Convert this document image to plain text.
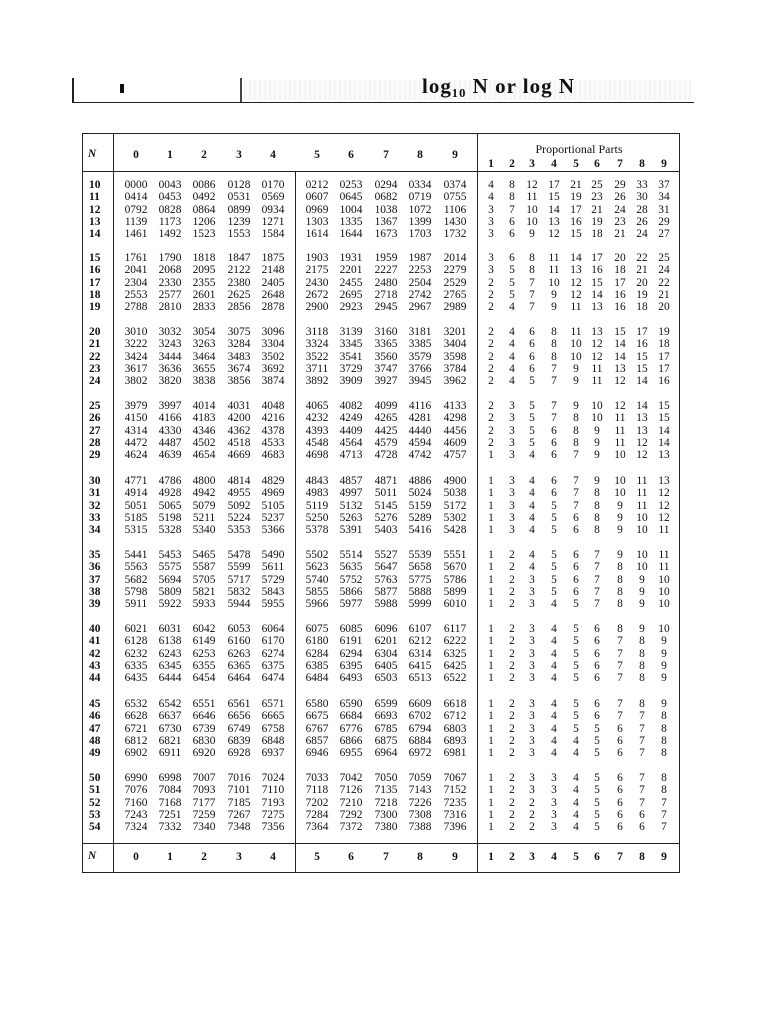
log₁₀ N or log N
N	0	1	2	3	4	5	6	7	8	9	Proportional Parts
1	2	3	4	5	6	7	8	9
10	0000 0043 0086	0128 0170	0212 0253	0294 0334	0374	4	8	12 17 21 25	29 33 37
11	0414 0453 0492	0531 0569	0607 0645	0682 0719	0755	4	8	11 15 19 23	26 30 34
12	0792 0828 0864	0899 0934	0969 1004	1038 1072	1106	3	7	10 14 17 21	24 28 31
13	1139	1173	1206	1239 1271	1303 1335	1367 1399	1430	3	6	10 13 16 19	23 26 29
14	1461 1492 1523	1553 1584	1614 1644	1673 1703	1732	3	6	9	12 15 18	21 24 27
15	1761 1790 1818	1847 1875	1903 1931	1959 1987	2014	3	6	8	11 14 17	20 22 25
16	2041 2068 2095	2122 2148	2175 2201	2227 2253	2279	3	5	8	11 13 16	18 21 24
17	2304 2330 2355	2380 2405	2430 2455	2480 2504	2529	2	5	7	10 12 15	17 20 22
18	2553 2577 2601	2625 2648	2672 2695	2718 2742	2765	2	5	7	9	12 14	16 19 21
19	2788 2810 2833	2856 2878	2900 2923	2945 2967	2989	2	4	7	9	11 13	16 18 20
20	3010 3032 3054	3075 3096	3118	3139	3160 3181	3201	2	4	6	8	11 13	15 17 19
21	3222 3243 3263	3284 3304	3324 3345	3365 3385	3404	2	4	6	8	10 12	14 16 18
22	3424 3444 3464	3483 3502	3522 3541	3560 3579	3598	2	4	6	8	10 12	14 15 17
23	3617 3636 3655	3674 3692	3711	3729	3747 3766	3784	2	4	6	7	9	11	13 15 17
24	3802 3820 3838	3856 3874	3892 3909	3927 3945	3962	2	4	5	7	9	11	12 14 16
25	3979 3997 4014	4031 4048	4065 4082	4099	4116	4133	2	3	5	7	9	10	12 14 15
26	4150 4166 4183	4200 4216	4232 4249	4265 4281	4298	2	3	5	7	8	10	11 13 15
27	4314 4330 4346	4362 4378	4393 4409	4425 4440	4456	2	3	5	6	8	9	11 13 14
28	4472 4487 4502	4518 4533	4548 4564	4579 4594	4609	2	3	5	6	8	9	11 12 14
29	4624 4639 4654	4669 4683	4698 4713	4728 4742	4757	1	3	4	6	7	9	10 12 13
30	4771 4786 4800	4814 4829	4843 4857	4871 4886	4900	1	3	4	6	7	9	10 11 13
31	4914 4928 4942	4955 4969	4983 4997	5011	5024	5038	1	3	4	6	7	8	10 11 12
32	5051 5065 5079	5092 5105	5119	5132	5145 5159	5172	1	3	4	5	7	8	9	11 12
33	5185 5198	5211	5224 5237	5250 5263	5276 5289	5302	1	3	4	5	6	8	9	10 12
34	5315 5328 5340	5353 5366	5378 5391	5403 5416	5428	1	3	4	5	6	8	9	10 11
35	5441 5453 5465	5478 5490	5502 5514	5527 5539	5551	1	2	4	5	6	7	9	10 11
36	5563 5575 5587	5599	5611	5623 5635	5647 5658	5670	1	2	4	5	6	7	8	10 11
37	5682 5694 5705	5717 5729	5740 5752	5763 5775	5786	1	2	3	5	6	7	8	9	10
38	5798 5809 5821	5832 5843	5855 5866	5877 5888	5899	1	2	3	5	6	7	8	9	10
39	5911	5922 5933	5944 5955	5966 5977	5988 5999	6010	1	2	3	4	5	7	8	9	10
40	6021 6031 6042	6053 6064	6075 6085	6096 6107	6117	1	2	3	4	5	6	8	9	10
41	6128 6138 6149	6160 6170	6180 6191	6201 6212	6222	1	2	3	4	5	6	7	8	9
42	6232 6243 6253	6263 6274	6284 6294	6304 6314	6325	1	2	3	4	5	6	7	8	9
43	6335 6345 6355	6365 6375	6385 6395	6405 6415	6425	1	2	3	4	5	6	7	8	9
44	6435 6444 6454	6464 6474	6484 6493	6503 6513	6522	1	2	3	4	5	6	7	8	9
45	6532 6542 6551	6561 6571	6580 6590	6599 6609	6618	1	2	3	4	5	6	7	8	9
46	6628 6637 6646	6656 6665	6675 6684	6693 6702	6712	1	2	3	4	5	6	7	7	8
47	6721 6730 6739	6749 6758	6767 6776	6785 6794	6803	1	2	3	4	5	5	6	7	8
48	6812 6821 6830	6839 6848	6857 6866	6875 6884	6893	1	2	3	4	4	5	6	7	8
49	6902	6911	6920	6928 6937	6946 6955	6964 6972	6981	1	2	3	4	4	5	6	7	8
50	6990 6998 7007	7016 7024	7033 7042	7050 7059	7067	1	2	3	3	4	5	6	7	8
51	7076 7084 7093	7101	7110	7118	7126	7135 7143	7152	1	2	3	3	4	5	6	7	8
52	7160 7168 7177	7185 7193	7202 7210	7218 7226	7235	1	2	2	3	4	5	6	7	7
53	7243 7251 7259	7267 7275	7284 7292	7300 7308	7316	1	2	2	3	4	5	6	6	7
54	7324 7332 7340	7348 7356	7364 7372	7380 7388	7396	1	2	2	3	4	5	6	6	7
N	0	1	2	3	4	5	6	7	8	9	1	2	3	4	5	6	7	8	9
